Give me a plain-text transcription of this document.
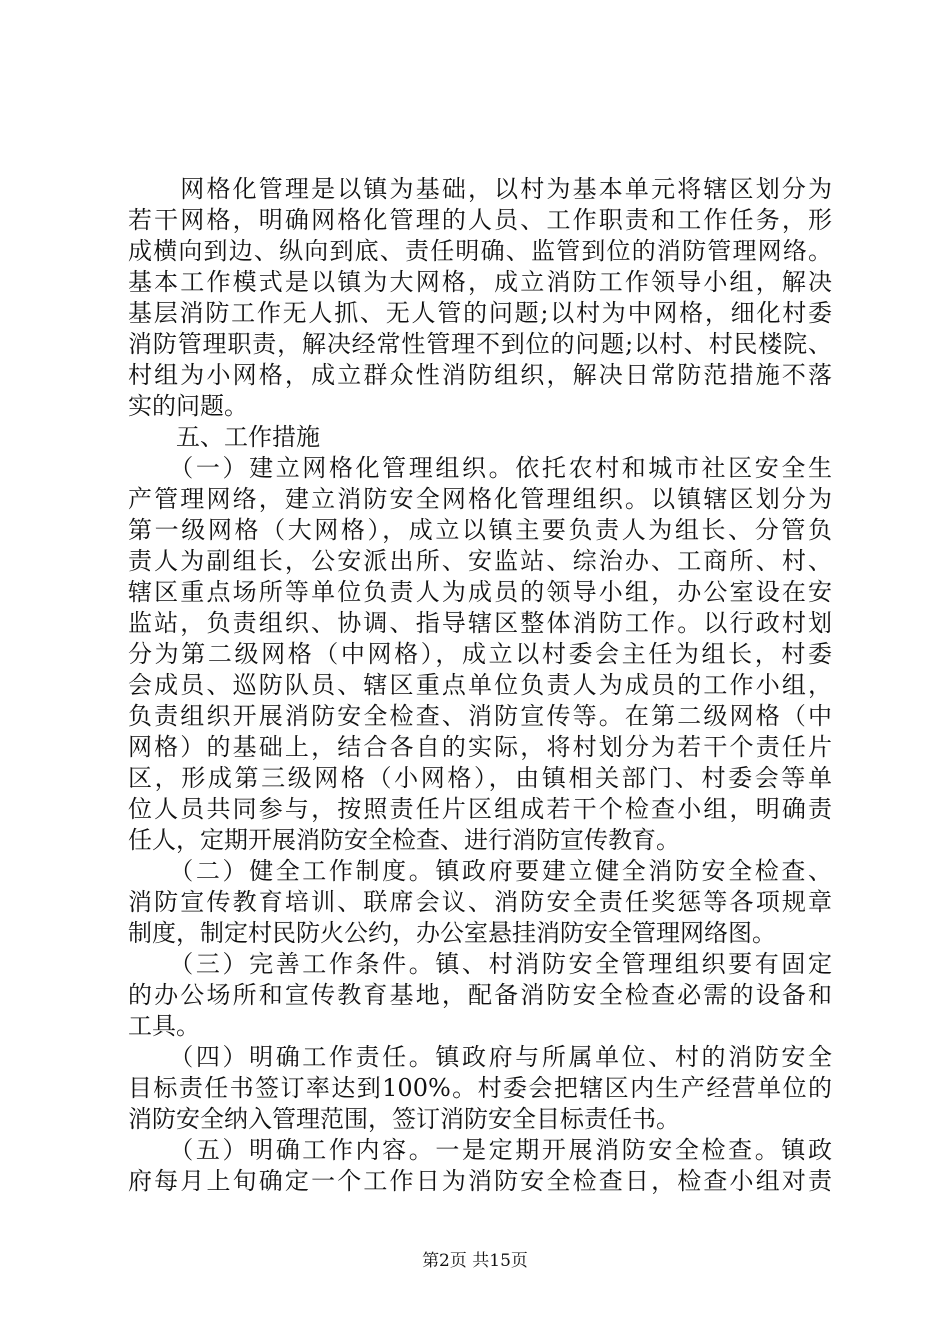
　　网格化管理是以镇为基础，以村为基本单元将辖区划分为
若干网格，明确网格化管理的人员、工作职责和工作任务，形
成横向到边、纵向到底、责任明确、监管到位的消防管理网络。
基本工作模式是以镇为大网格，成立消防工作领导小组，解决
基层消防工作无人抓、无人管的问题;以村为中网格，细化村委
消防管理职责，解决经常性管理不到位的问题;以村、村民楼院、
村组为小网格，成立群众性消防组织，解决日常防范措施不落
实的问题。
　　五、工作措施
　　（一）建立网格化管理组织。依托农村和城市社区安全生
产管理网络，建立消防安全网格化管理组织。以镇辖区划分为
第一级网格（大网格），成立以镇主要负责人为组长、分管负
责人为副组长，公安派出所、安监站、综治办、工商所、村、
辖区重点场所等单位负责人为成员的领导小组，办公室设在安
监站，负责组织、协调、指导辖区整体消防工作。以行政村划
分为第二级网格（中网格），成立以村委会主任为组长，村委
会成员、巡防队员、辖区重点单位负责人为成员的工作小组，
负责组织开展消防安全检查、消防宣传等。在第二级网格（中
网格）的基础上，结合各自的实际，将村划分为若干个责任片
区，形成第三级网格（小网格），由镇相关部门、村委会等单
位人员共同参与，按照责任片区组成若干个检查小组，明确责
任人，定期开展消防安全检查、进行消防宣传教育。
　　（二）健全工作制度。镇政府要建立健全消防安全检查、
消防宣传教育培训、联席会议、消防安全责任奖惩等各项规章
制度，制定村民防火公约，办公室悬挂消防安全管理网络图。
　　（三）完善工作条件。镇、村消防安全管理组织要有固定
的办公场所和宣传教育基地，配备消防安全检查必需的设备和
工具。
　　（四）明确工作责任。镇政府与所属单位、村的消防安全
目标责任书签订率达到100%。村委会把辖区内生产经营单位的
消防安全纳入管理范围，签订消防安全目标责任书。
　　（五）明确工作内容。一是定期开展消防安全检查。镇政
府每月上旬确定一个工作日为消防安全检查日，检查小组对责
第2页 共15页
